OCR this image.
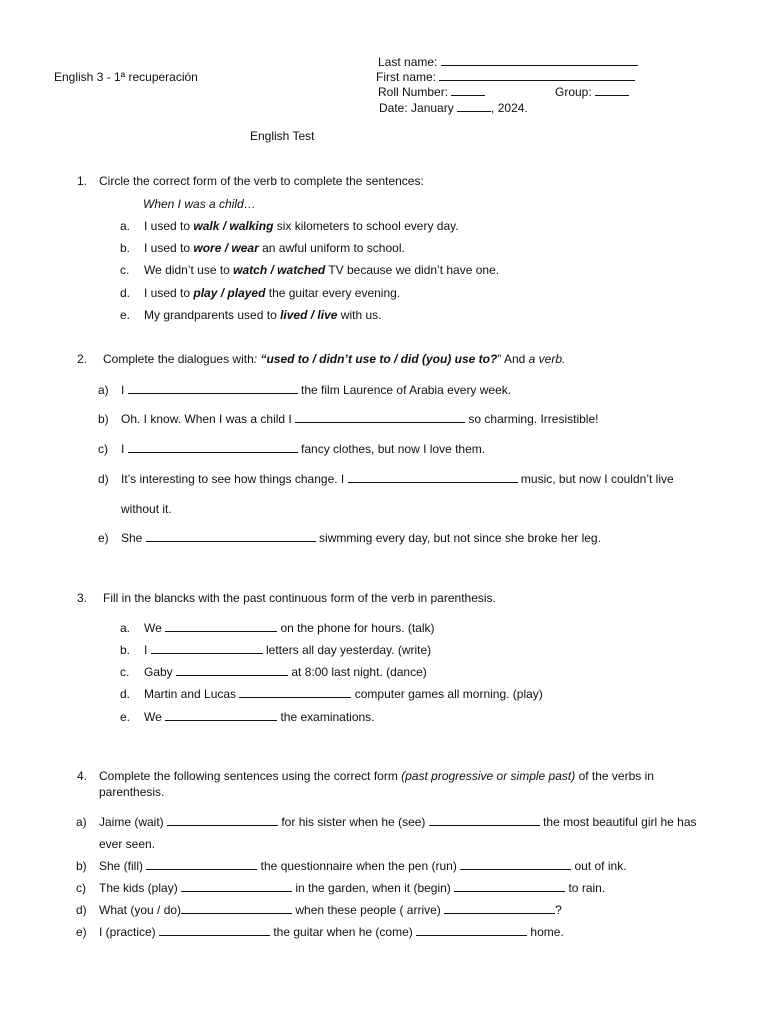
English 3 - 1ª recuperación
Last name:
First name:
Roll Number:	Group:
Date: January	, 2024.
English Test
1. Circle the correct form of the verb to complete the sentences:
When I was a child…
a. I used to walk / walking six kilometers to school every day.
b. I used to wore / wear an awful uniform to school.
c. We didn’t use to watch / watched TV because we didn’t have one.
d. I used to play / played the guitar every evening.
e. My grandparents used to lived / live with us.
2. Complete the dialogues with: “used to / didn’t use to / did (you) use to?” And a verb.
a) I	the film Laurence of Arabia every week.
b) Oh. I know. When I was a child I	so charming. Irresistible!
c) I	fancy clothes, but now I love them.
d) It’s interesting to see how things change. I	music, but now I couldn’t live
without it.
e) She	siwmming every day, but not since she broke her leg.
3. Fill in the blancks with the past continuous form of the verb in parenthesis.
a. We	on the phone for hours. (talk)
b. I	letters all day yesterday. (write)
c. Gaby	at 8:00 last night. (dance)
d. Martin and Lucas	computer games all morning. (play)
e. We	the examinations.
4. Complete the following sentences using the correct form (past progressive or simple past) of the verbs in
parenthesis.
a) Jaime (wait)	for his sister when he (see)	the most beautiful girl he has
ever seen.
b) She (fill)	the questionnaire when the pen (run)	out of ink.
c) The kids (play)	in the garden, when it (begin)	to rain.
d) What (you / do)	when these people ( arrive)	?
e) I (practice)	the guitar when he (come)	home.
